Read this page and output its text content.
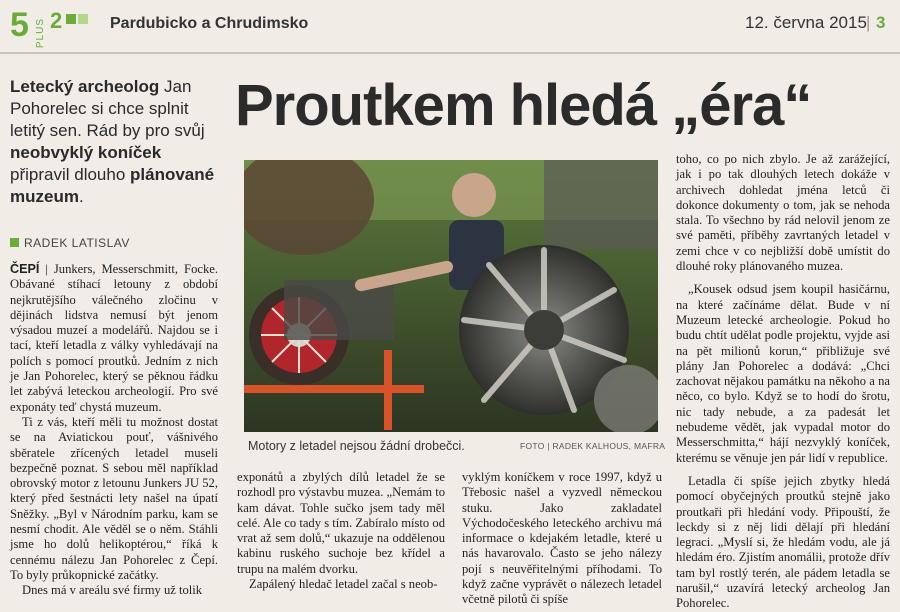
5 PLUS 2	Pardubicko a Chrudimsko	12. června 2015 | 3
Letecký archeolog Jan Pohorelec si chce splnit letitý sen. Rád by pro svůj neobvyklý koníček připravil dlouho plánované muzeum.
Proutkem hledá „éra“
RADEK LATISLAV

ČEPÍ | Junkers, Messerschmitt, Focke. Obávané stíhací letouny z období nejkrutějšího válečného zločinu v dějinách lidstva nemusí být jenom výsadou muzeí a modelářů. Najdou se i tací, kteří letadla z války vyhledávají na polích s pomocí proutků. Jedním z nich je Jan Pohorelec, který se pěknou řádku let zabývá leteckou archeologií. Pro své exponáty teď chystá muzeum.

Ti z vás, kteří měli tu možnost dostat se na Aviatickou pouť, vášnivého sběratele zřícených letadel museli bezpečně poznat. S sebou měl například obrovský motor z letounu Junkers JU 52, který před šestnácti lety našel na úpatí Sněžky. „Byl v Národním parku, kam se nesmí chodit. Ale věděl se o něm. Stáhli jsme ho dolů helikoptérou,“ říká k cennému nálezu Jan Pohorelec z Čepí. To byly průkopnické začátky.

Dnes má v areálu své firmy už tolik

Motory z letadel nejsou žádní drobečci.	FOTO | RADEK KALHOUS, MAFRA

exponátů a zbylých dílů letadel že se rozhodl pro výstavbu muzea. „Nemám to kam dávat. Tohle sučko jsem tady měl celé. Ale co tady s tím. Zabíralo místo od vrat až sem dolů,“ ukazuje na oddělenou kabinu ruského suchoje bez křídel a trupu na malém dvorku.

Zapálený hledač letadel začal s neob-

vyklým koníčkem v roce 1997, když u Třebosic našel a vyzvedl německou stuku. Jako zakladatel Východočeského leteckého archivu má informace o kdejakém letadle, které u nás havarovalo. Často se jeho nálezy pojí s neuvěřitelnými příhodami. To když začne vyprávět o nálezech letadel včetně pilotů či spíše

toho, co po nich zbylo. Je až zarážející, jak i po tak dlouhých letech dokáže v archivech dohledat jména letců či dokonce dokumenty o tom, jak se nehoda stala. To všechno by rád nelovil jenom ze své paměti, příběhy zavrtaných letadel v zemi chce v co nejbližší době umístit do dlouhé roky plánovaného muzea.

„Kousek odsud jsem koupil hasičárnu, na které začínáme dělat. Bude v ní Muzeum letecké archeologie. Pokud ho budu chtít udělat podle projektu, vyjde asi na pět milionů korun,“ přibližuje své plány Jan Pohorelec a dodává: „Chci zachovat nějakou památku na někoho a na něco, co bylo. Když se to hodí do šrotu, nic tady nebude, a za padesát let nebudeme vědět, jak vypadal motor do Messerschmitta,“ hájí nezvyklý koníček, kterému se věnuje jen pár lidí v republice.

Letadla či spíše jejich zbytky hledá pomocí obyčejných proutků stejně jako proutkaři při hledání vody. Připouští, že leckdy si z něj lidi dělají při hledání legraci. „Myslí si, že hledám vodu, ale já hledám éro. Zjistím anomálii, protože dřív tam byl rostlý terén, ale pádem letadla se narušil,“ uzavírá letecký archeolog Jan Pohorelec.
